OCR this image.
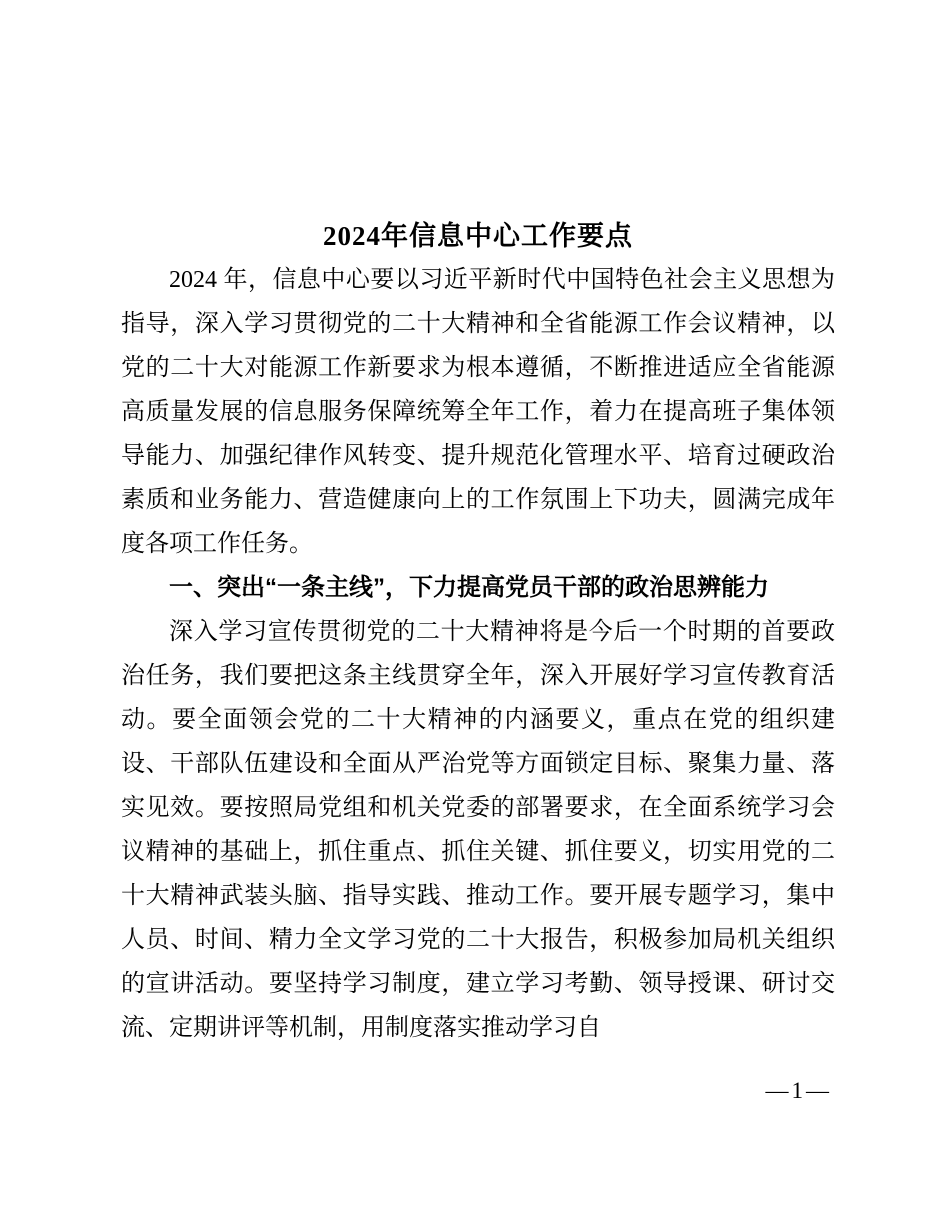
2024年信息中心工作要点

2024 年，信息中心要以习近平新时代中国特色社会主义思想为指导，深入学习贯彻党的二十大精神和全省能源工作会议精神，以党的二十大对能源工作新要求为根本遵循，不断推进适应全省能源高质量发展的信息服务保障统筹全年工作，着力在提高班子集体领导能力、加强纪律作风转变、提升规范化管理水平、培育过硬政治素质和业务能力、营造健康向上的工作氛围上下功夫，圆满完成年度各项工作任务。

一、突出“一条主线”，下力提高党员干部的政治思辨能力

深入学习宣传贯彻党的二十大精神将是今后一个时期的首要政治任务，我们要把这条主线贯穿全年，深入开展好学习宣传教育活动。要全面领会党的二十大精神的内涵要义，重点在党的组织建设、干部队伍建设和全面从严治党等方面锁定目标、聚集力量、落实见效。要按照局党组和机关党委的部署要求，在全面系统学习会议精神的基础上，抓住重点、抓住关键、抓住要义，切实用党的二十大精神武装头脑、指导实践、推动工作。要开展专题学习，集中人员、时间、精力全文学习党的二十大报告，积极参加局机关组织的宣讲活动。要坚持学习制度，建立学习考勤、领导授课、研讨交流、定期讲评等机制，用制度落实推动学习自

—1—
